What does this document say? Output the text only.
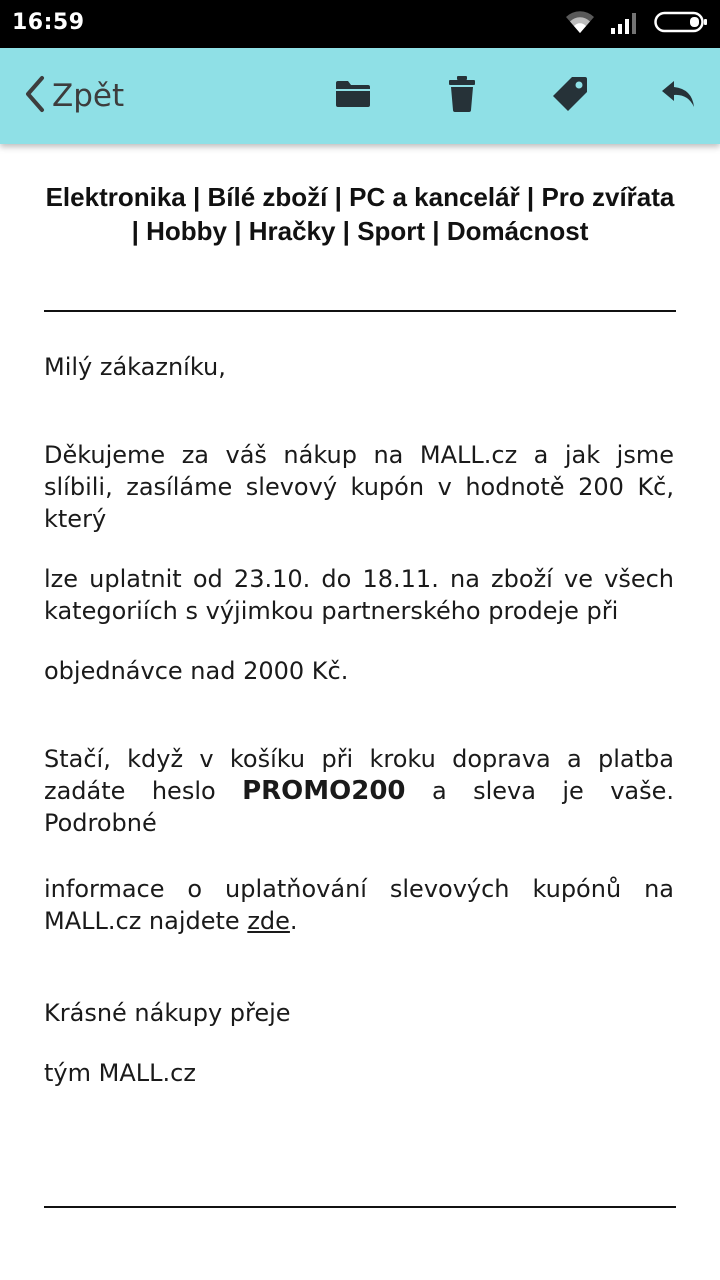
16:59
Zpět
Elektronika | Bílé zboží | PC a kancelář | Pro zvířata | Hobby | Hračky | Sport | Domácnost
Milý zákazníku,
Děkujeme za váš nákup na MALL.cz a jak jsme slíbili, zasíláme slevový kupón v hodnotě 200 Kč, který
lze uplatnit od 23.10. do 18.11. na zboží ve všech kategoriích s výjimkou partnerského prodeje při
objednávce nad 2000 Kč.
Stačí, když v košíku při kroku doprava a platba zadáte heslo PROMO200 a sleva je vaše. Podrobné
informace o uplatňování slevových kupónů na MALL.cz najdete zde.
Krásné nákupy přeje
tým MALL.cz
